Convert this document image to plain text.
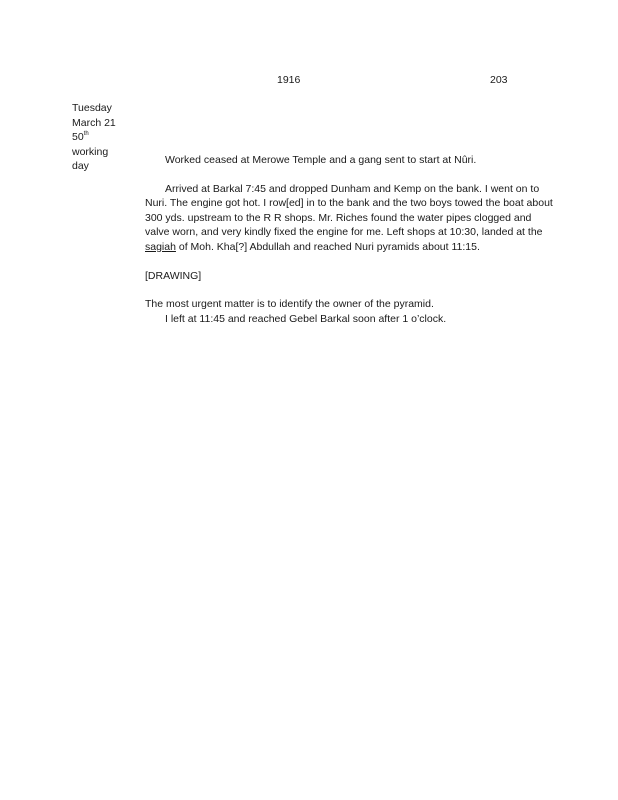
1916	203
Tuesday
March 21
50th
working
day

Worked ceased at Merowe Temple and a gang sent to start at Nûri.

Arrived at Barkal 7:45 and dropped Dunham and Kemp on the bank. I went on to Nuri. The engine got hot. I row[ed] in to the bank and the two boys towed the boat about 300 yds. upstream to the R R shops. Mr. Riches found the water pipes clogged and valve worn, and very kindly fixed the engine for me. Left shops at 10:30, landed at the sagiah of Moh. Kha[?] Abdullah and reached Nuri pyramids about 11:15.

[DRAWING]

The most urgent matter is to identify the owner of the pyramid.

I left at 11:45 and reached Gebel Barkal soon after 1 o’clock.
